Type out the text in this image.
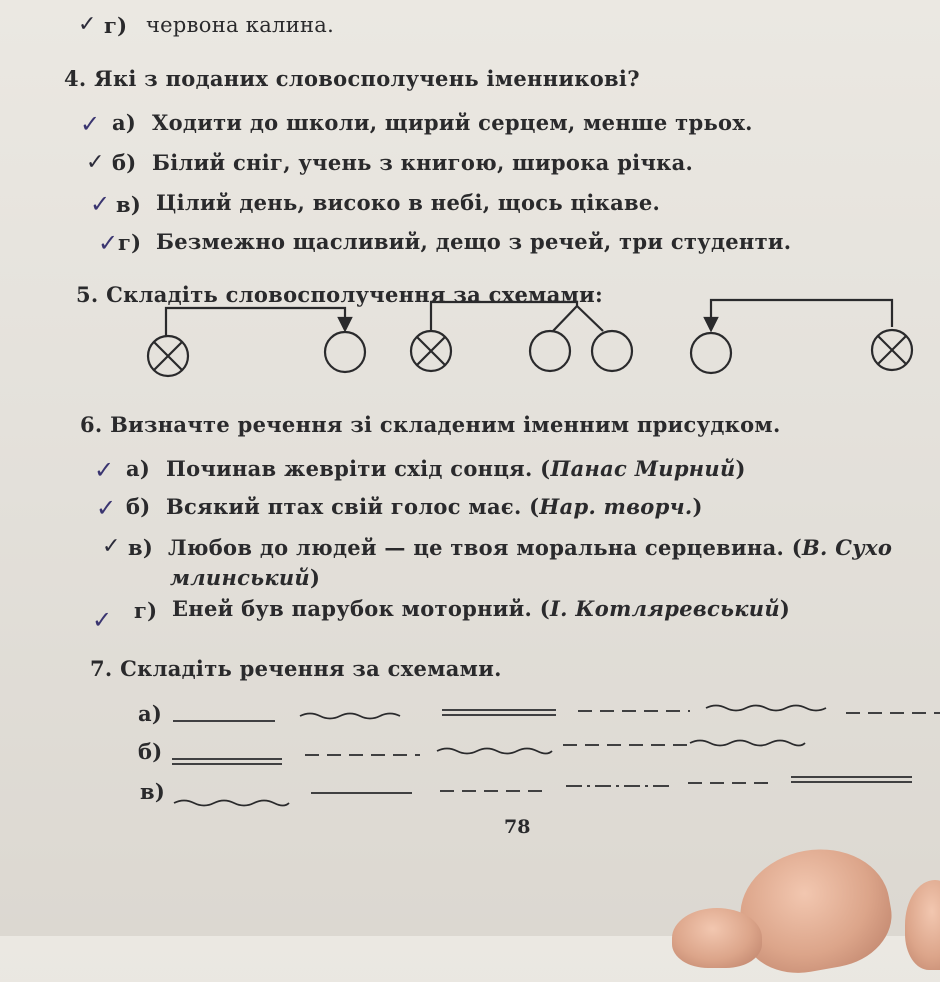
✓ г) червона калина.
4. Які з поданих словосполучень іменникові?
✓ а) Ходити до школи, щирий серцем, менше трьох.
✓ б) Білий сніг, учень з книгою, широка річка.
✓ в) Цілий день, високо в небі, щось цікаве.
✓ г) Безмежно щасливий, дещо з речей, три студенти.
5. Складіть словосполучення за схемами:
6. Визначте речення зі складеним іменним присудком.
✓ а) Починав жевріти схід сонця. (Панас Мирний)
✓ б) Всякий птах свій голос має. (Нар. творч.)
✓ в) Любов до людей — це твоя моральна серцевина. (В. Сухо
млинський)
✓ г) Еней був парубок моторний. (І. Котляревський)
7. Складіть речення за схемами.
а)
б)
в)
78
